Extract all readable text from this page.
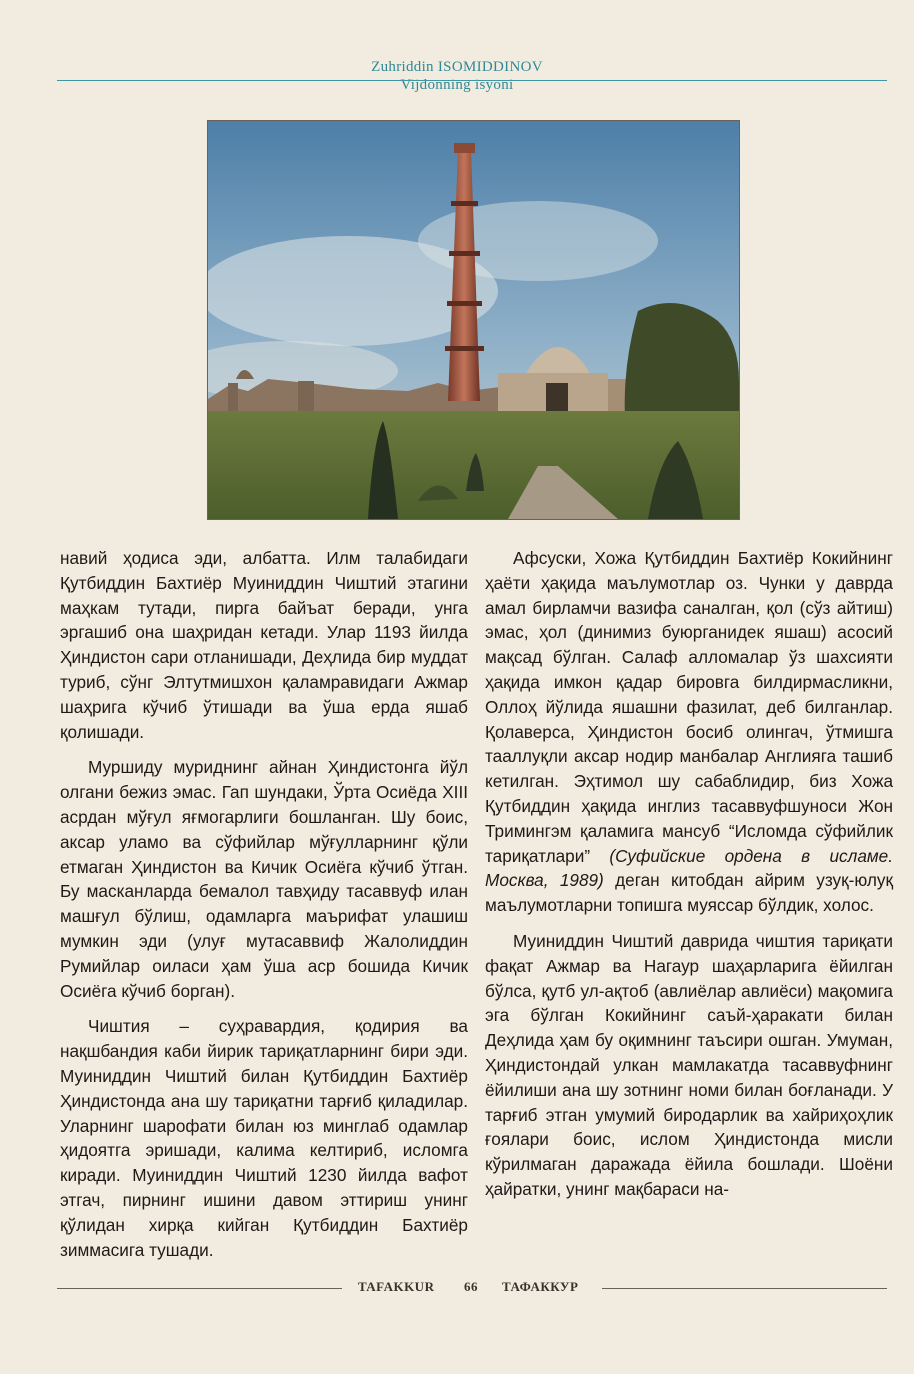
Zuhriddin ISOMIDDINOV
Vijdonning isyoni

навий ҳодиса эди, албатта. Илм талабидаги Қутбиддин Бахтиёр Муиниддин Чиштий этагини маҳкам тутади, пирга байъат беради, унга эргашиб она шаҳридан кетади. Улар 1193 йилда Ҳиндистон сари отланишади, Деҳлида бир муддат туриб, сўнг Элтутмишхон қаламравидаги Ажмар шаҳрига кўчиб ўтишади ва ўша ерда яшаб қолишади.

Муршиду муриднинг айнан Ҳиндистонга йўл олгани бежиз эмас. Гап шундаки, Ўрта Осиёда XIII асрдан мўғул яғмогарлиги бошланган. Шу боис, аксар уламо ва сўфийлар мўғулларнинг қўли етмаган Ҳиндистон ва Кичик Осиёга кўчиб ўтган. Бу масканларда бемалол тавҳиду тасаввуф илан машғул бўлиш, одамларга маърифат улашиш мумкин эди (улуғ мутасаввиф Жалолиддин Румийлар оиласи ҳам ўша аср бошида Кичик Осиёга кўчиб борган).

Чиштия – суҳравардия, қодирия ва нақшбандия каби йирик тариқатларнинг бири эди. Муиниддин Чиштий билан Қутбиддин Бахтиёр Ҳиндистонда ана шу тариқатни тарғиб қиладилар. Уларнинг шарофати билан юз минглаб одамлар ҳидоятга эришади, калима келтириб, исломга киради. Муиниддин Чиштий 1230 йилда вафот этгач, пирнинг ишини давом эттириш унинг қўлидан хирқа кийган Қутбиддин Бахтиёр зиммасига тушади.

Афсуски, Хожа Қутбиддин Бахтиёр Кокийнинг ҳаёти ҳақида маълумотлар оз. Чунки у даврда амал бирламчи вазифа саналган, қол (сўз айтиш) эмас, ҳол (динимиз буюрганидек яшаш) асосий мақсад бўлган. Салаф алломалар ўз шахсияти ҳақида имкон қадар бировга билдирмасликни, Оллоҳ йўлида яшашни фазилат, деб билганлар. Қолаверса, Ҳиндистон босиб олингач, ўтмишга тааллуқли аксар нодир манбалар Англияга ташиб кетилган. Эҳтимол шу сабаблидир, биз Хожа Қутбиддин ҳақида инглиз тасаввуфшуноси Жон Тримингэм қаламига мансуб “Исломда сўфийлик тариқатлари” (Суфийские ордена в исламе. Москва, 1989) деган китобдан айрим узуқ-юлуқ маълумотларни топишга муяссар бўлдик, холос.

Муиниддин Чиштий даврида чиштия тариқати фақат Ажмар ва Нагаур шаҳарларига ёйилган бўлса, қутб ул-ақтоб (авлиёлар авлиёси) мақомига эга бўлган Кокийнинг саъй-ҳаракати билан Деҳлида ҳам бу оқимнинг таъсири ошган. Умуман, Ҳиндистондай улкан мамлакатда тасаввуфнинг ёйилиши ана шу зотнинг номи билан боғланади. У тарғиб этган умумий биродарлик ва хайриҳоҳлик ғоялари боис, ислом Ҳиндистонда мисли кўрилмаган даражада ёйила бошлади. Шоёни ҳайратки, унинг мақбараси на-

TAFAKKUR 66 ТАФАККУР
